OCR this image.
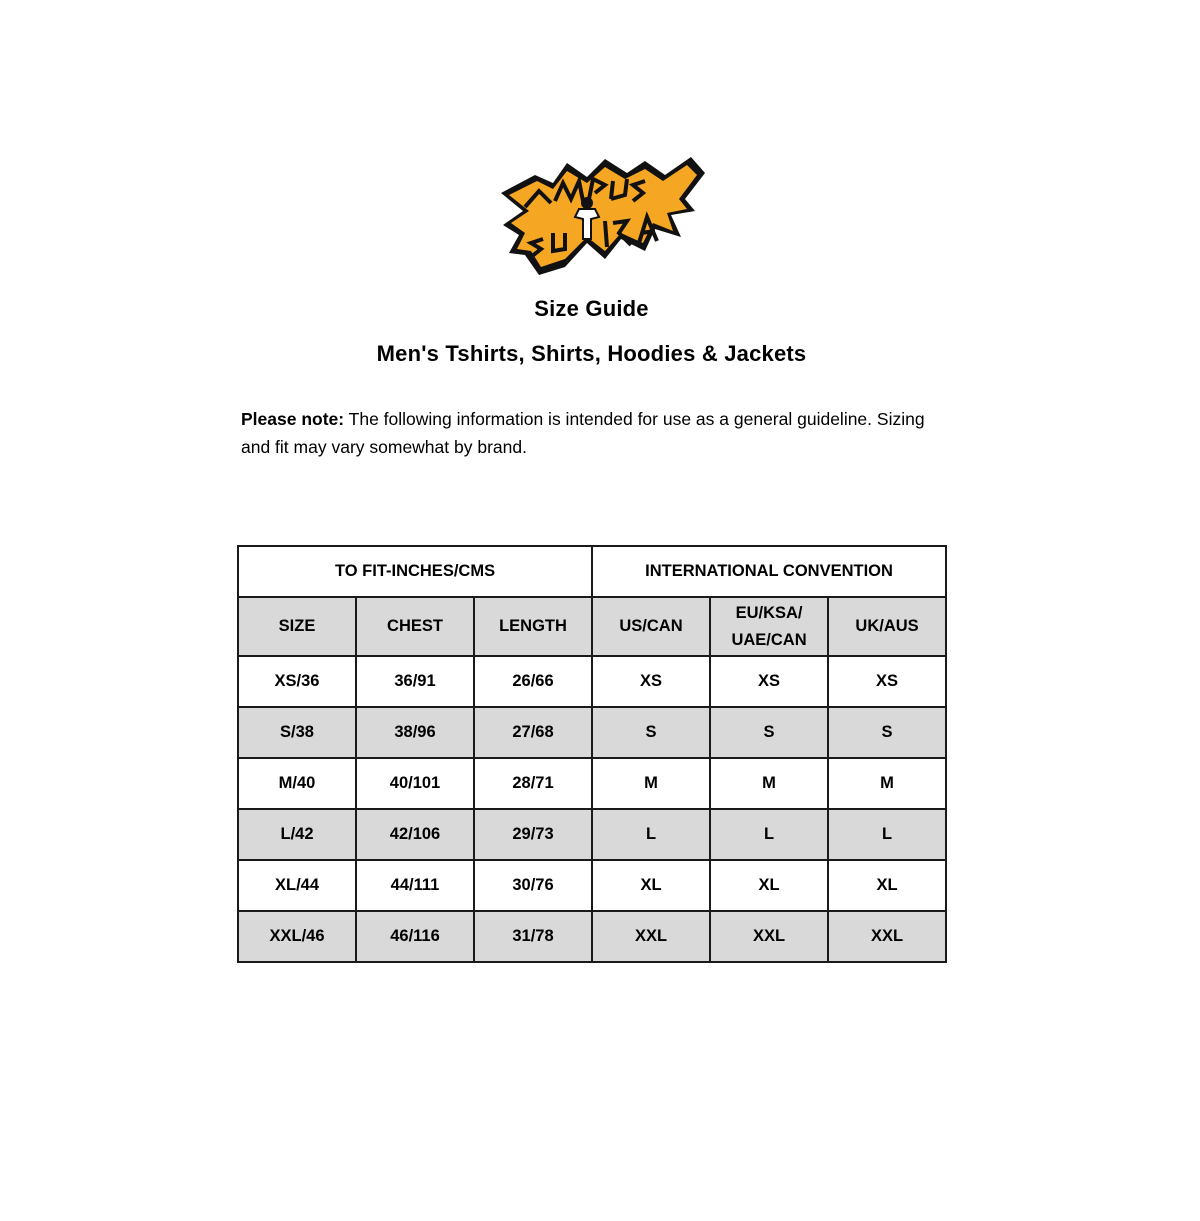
Size Guide
Men's Tshirts, Shirts, Hoodies & Jackets
Please note: The following information is intended for use as a general guideline. Sizing and fit may vary somewhat by brand.
TO FIT-INCHES/CMS			INTERNATIONAL CONVENTION		

SIZE	CHEST	LENGTH	US/CAN	EU/KSA/
UAE/CAN	UK/AUS

XS/36	36/91	26/66	XS	XS	XS
S/38	38/96	27/68	S	S	S
M/40	40/101	28/71	M	M	M
L/42	42/106	29/73	L	L	L
XL/44	44/111	30/76	XL	XL	XL
XXL/46	46/116	31/78	XXL	XXL	XXL
